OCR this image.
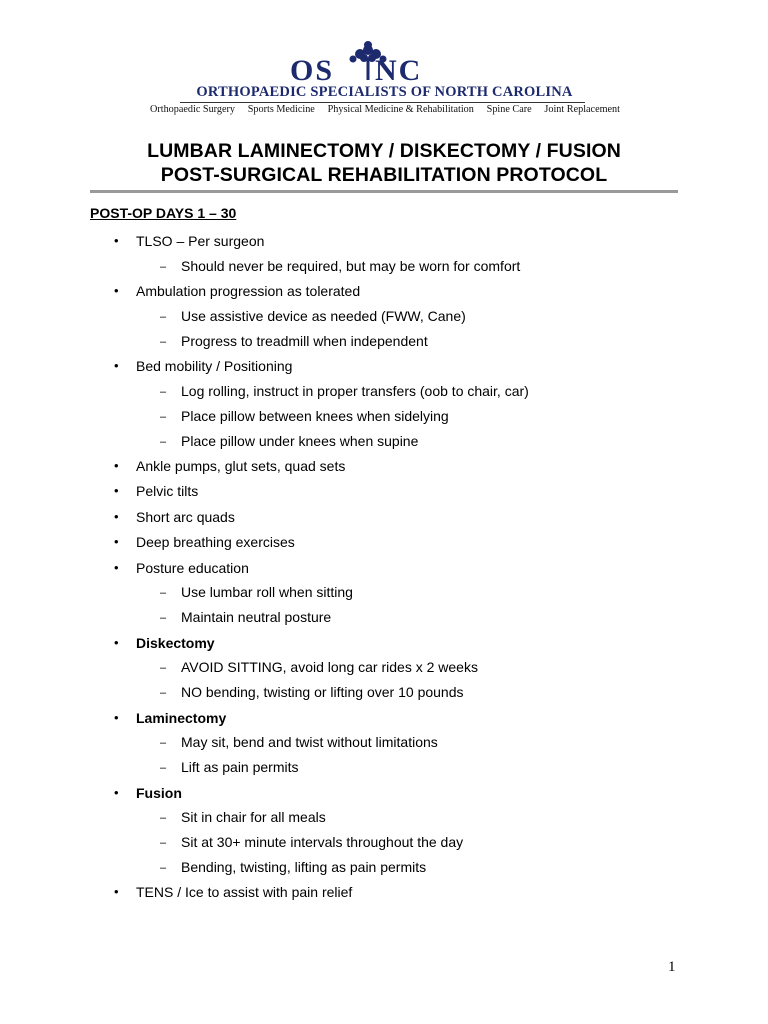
OS NC
ORTHOPAEDIC SPECIALISTS OF NORTH CAROLINA
Orthopaedic Surgery Sports Medicine Physical Medicine & Rehabilitation Spine Care Joint Replacement
LUMBAR LAMINECTOMY / DISKECTOMY / FUSION
POST-SURGICAL REHABILITATION PROTOCOL
POST-OP DAYS 1 – 30
• TLSO – Per surgeon
– Should never be required, but may be worn for comfort
• Ambulation progression as tolerated
– Use assistive device as needed (FWW, Cane)
– Progress to treadmill when independent
• Bed mobility / Positioning
– Log rolling, instruct in proper transfers (oob to chair, car)
– Place pillow between knees when sidelying
– Place pillow under knees when supine
• Ankle pumps, glut sets, quad sets
• Pelvic tilts
• Short arc quads
• Deep breathing exercises
• Posture education
– Use lumbar roll when sitting
– Maintain neutral posture
• Diskectomy
– AVOID SITTING, avoid long car rides x 2 weeks
– NO bending, twisting or lifting over 10 pounds
• Laminectomy
– May sit, bend and twist without limitations
– Lift as pain permits
• Fusion
– Sit in chair for all meals
– Sit at 30+ minute intervals throughout the day
– Bending, twisting, lifting as pain permits
• TENS / Ice to assist with pain relief
1
